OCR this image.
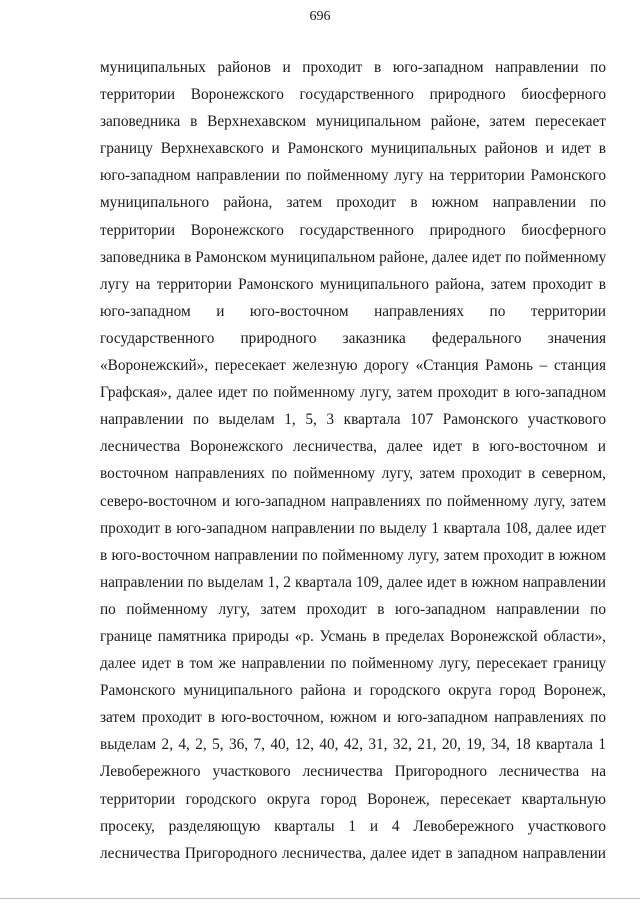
696
муниципальных районов и проходит в юго-западном направлении по
территории Воронежского государственного природного биосферного
заповедника в Верхнехавском муниципальном районе, затем пересекает
границу Верхнехавского и Рамонского муниципальных районов и идет в
юго-западном направлении по пойменному лугу на территории Рамонского
муниципального района, затем проходит в южном направлении по
территории Воронежского государственного природного биосферного
заповедника в Рамонском муниципальном районе, далее идет по пойменному
лугу на территории Рамонского муниципального района, затем проходит в
юго-западном и юго-восточном направлениях по территории
государственного природного заказника федерального значения
«Воронежский», пересекает железную дорогу «Станция Рамонь – станция
Графская», далее идет по пойменному лугу, затем проходит в юго-западном
направлении по выделам 1, 5, 3 квартала 107 Рамонского участкового
лесничества Воронежского лесничества, далее идет в юго-восточном и
восточном направлениях по пойменному лугу, затем проходит в северном,
северо-восточном и юго-западном направлениях по пойменному лугу, затем
проходит в юго-западном направлении по выделу 1 квартала 108, далее идет
в юго-восточном направлении по пойменному лугу, затем проходит в южном
направлении по выделам 1, 2 квартала 109, далее идет в южном направлении
по пойменному лугу, затем проходит в юго-западном направлении по
границе памятника природы «р. Усмань в пределах Воронежской области»,
далее идет в том же направлении по пойменному лугу, пересекает границу
Рамонского муниципального района и городского округа город Воронеж,
затем проходит в юго-восточном, южном и юго-западном направлениях по
выделам 2, 4, 2, 5, 36, 7, 40, 12, 40, 42, 31, 32, 21, 20, 19, 34, 18 квартала 1
Левобережного участкового лесничества Пригородного лесничества на
территории городского округа город Воронеж, пересекает квартальную
просеку, разделяющую кварталы 1 и 4 Левобережного участкового
лесничества Пригородного лесничества, далее идет в западном направлении
